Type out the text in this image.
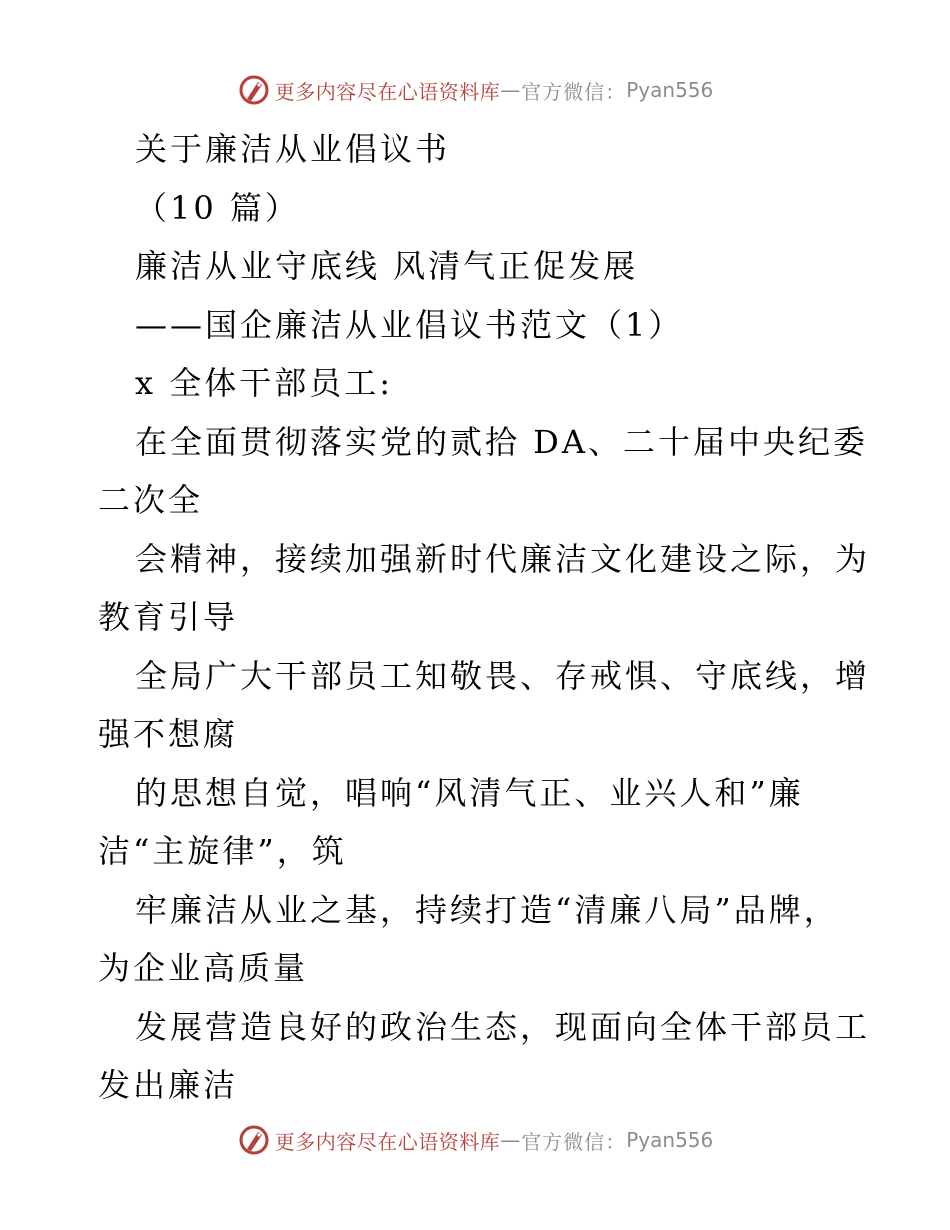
更多内容尽在心语资料库 — 官方微信： Pyan556

关于廉洁从业倡议书

（10 篇）

廉洁从业守底线 风清气正促发展

——国企廉洁从业倡议书范文（1）

x 全体干部员工:

在全面贯彻落实党的贰拾 DA、二十届中央纪委

二次全

会精神，接续加强新时代廉洁文化建设之际，为

教育引导

全局广大干部员工知敬畏、存戒惧、守底线，增

强不想腐

的思想自觉，唱响“风清气正、业兴人和”廉

洁“主旋律”，筑

牢廉洁从业之基，持续打造“清廉八局”品牌，

为企业高质量

发展营造良好的政治生态，现面向全体干部员工

发出廉洁

更多内容尽在心语资料库 — 官方微信： Pyan556
